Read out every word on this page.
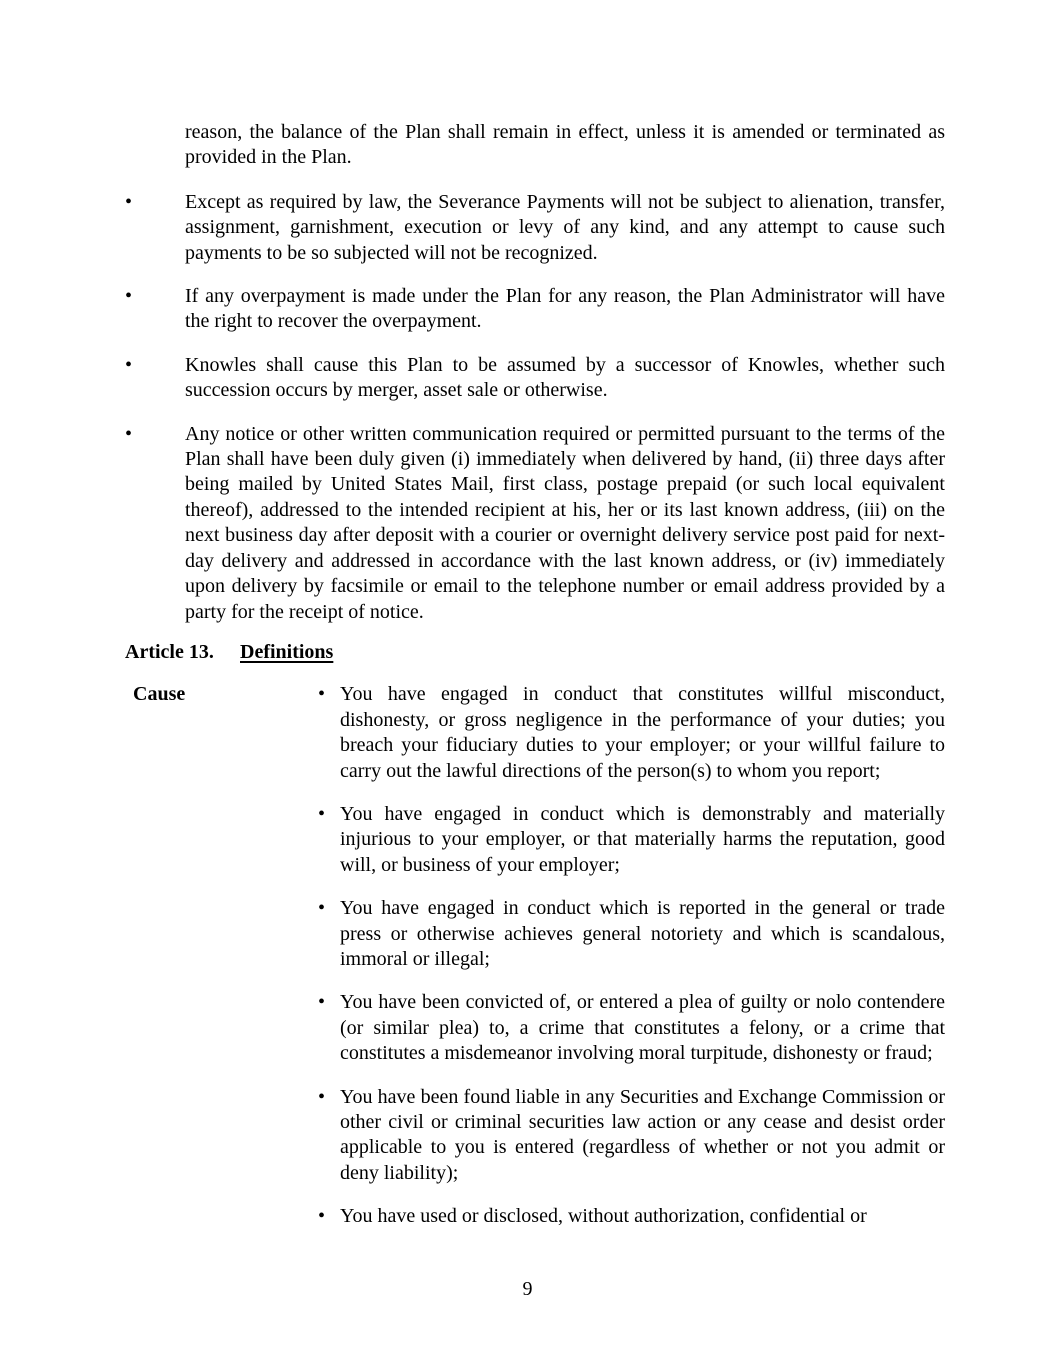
reason, the balance of the Plan shall remain in effect, unless it is amended or terminated as provided in the Plan.

•	Except as required by law, the Severance Payments will not be subject to alienation, transfer, assignment, garnishment, execution or levy of any kind, and any attempt to cause such payments to be so subjected will not be recognized.

•	If any overpayment is made under the Plan for any reason, the Plan Administrator will have the right to recover the overpayment.

•	Knowles shall cause this Plan to be assumed by a successor of Knowles, whether such succession occurs by merger, asset sale or otherwise.

•	Any notice or other written communication required or permitted pursuant to the terms of the Plan shall have been duly given (i) immediately when delivered by hand, (ii) three days after being mailed by United States Mail, first class, postage prepaid (or such local equivalent thereof), addressed to the intended recipient at his, her or its last known address, (iii) on the next business day after deposit with a courier or overnight delivery service post paid for next-day delivery and addressed in accordance with the last known address, or (iv) immediately upon delivery by facsimile or email to the telephone number or email address provided by a party for the receipt of notice.

Article 13. Definitions
Cause	• You have engaged in conduct that constitutes willful misconduct, dishonesty, or gross negligence in the performance of your duties; you breach your fiduciary duties to your employer; or your willful failure to carry out the lawful directions of the person(s) to whom you report;

• You have engaged in conduct which is demonstrably and materially injurious to your employer, or that materially harms the reputation, good will, or business of your employer;

• You have engaged in conduct which is reported in the general or trade press or otherwise achieves general notoriety and which is scandalous, immoral or illegal;

• You have been convicted of, or entered a plea of guilty or nolo contendere (or similar plea) to, a crime that constitutes a felony, or a crime that constitutes a misdemeanor involving moral turpitude, dishonesty or fraud;

• You have been found liable in any Securities and Exchange Commission or other civil or criminal securities law action or any cease and desist order applicable to you is entered (regardless of whether or not you admit or deny liability);

• You have used or disclosed, without authorization, confidential or

9
